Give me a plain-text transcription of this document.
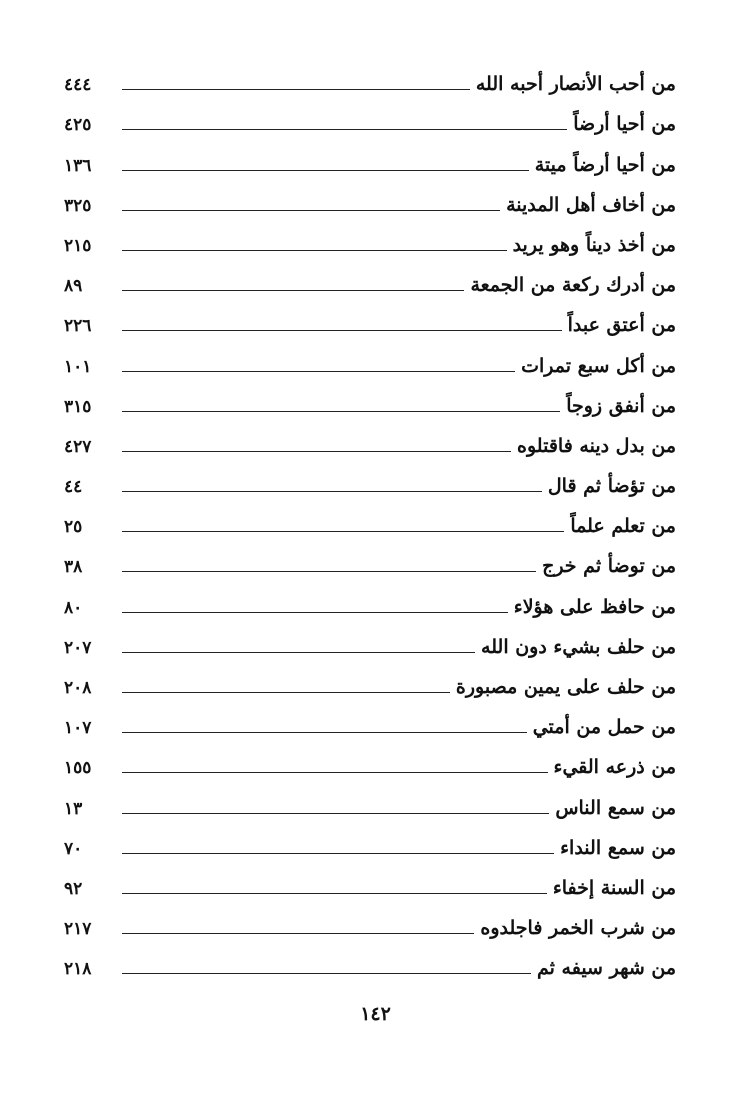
من أحب الأنصار أحبه الله
٤٤٤
من أحيا أرضاً
٤٢٥
من أحيا أرضاً ميتة
١٣٦
من أخاف أهل المدينة
٣٢٥
من أخذ ديناً وهو يريد
٢١٥
من أدرك ركعة من الجمعة
٨٩
من أعتق عبداً
٢٢٦
من أكل سبع تمرات
١٠١
من أنفق زوجاً
٣١٥
من بدل دينه فاقتلوه
٤٢٧
من تؤضأ ثم قال
٤٤
من تعلم علماً
٢٥
من توضأ ثم خرج
٣٨
من حافظ على هؤلاء
٨٠
من حلف بشيء دون الله
٢٠٧
من حلف على يمين مصبورة
٢٠٨
من حمل من أمتي
١٠٧
من ذرعه القيء
١٥٥
من سمع الناس
١٣
من سمع النداء
٧٠
من السنة إخفاء
٩٢
من شرب الخمر فاجلدوه
٢١٧
من شهر سيفه ثم
٢١٨
١٤٢
